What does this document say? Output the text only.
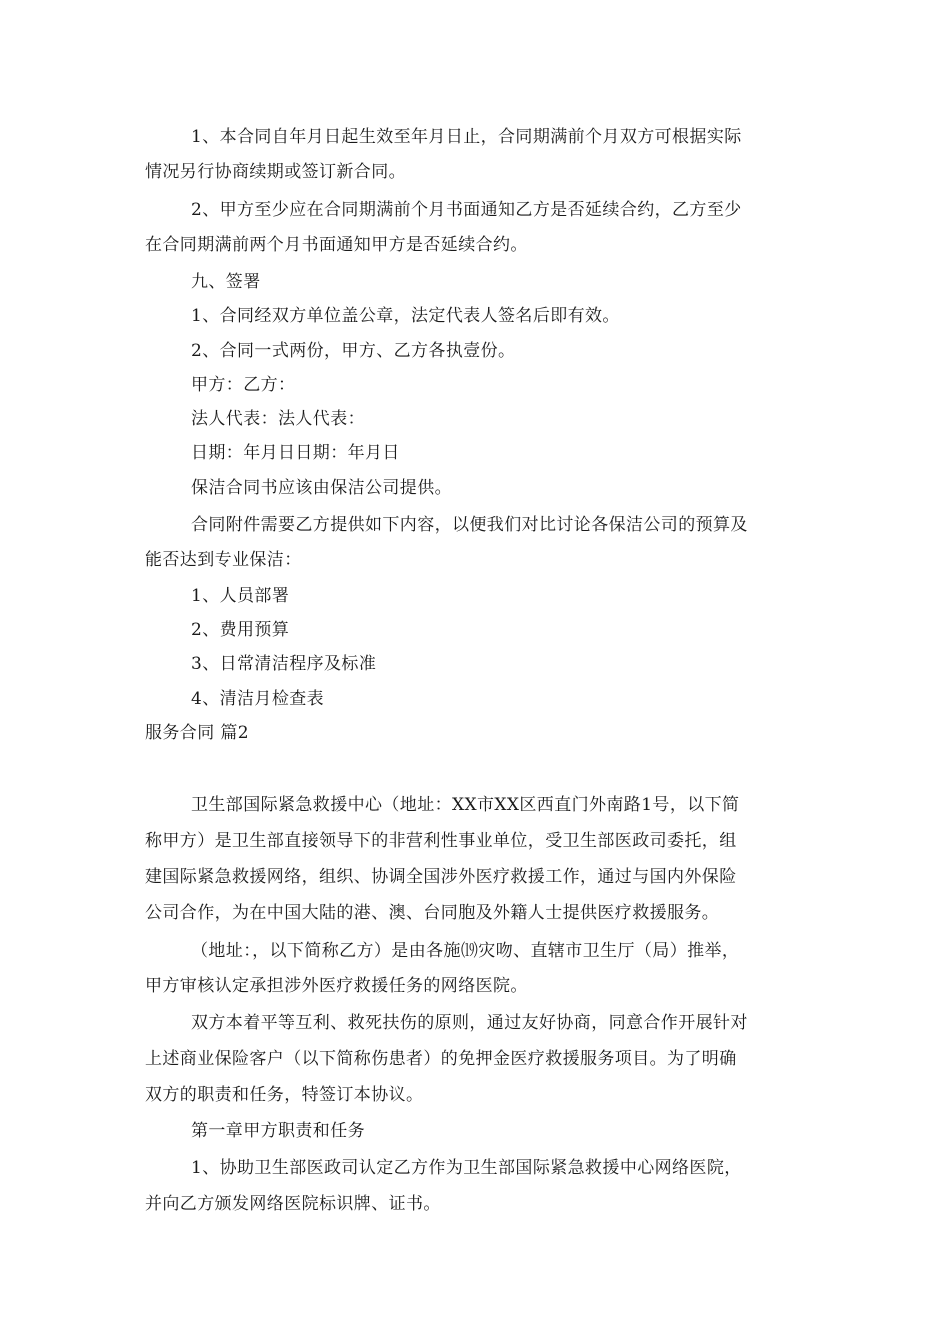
1、本合同自年月日起生效至年月日止，合同期满前个月双方可根据实际
情况另行协商续期或签订新合同。
2、甲方至少应在合同期满前个月书面通知乙方是否延续合约，乙方至少
在合同期满前两个月书面通知甲方是否延续合约。
九、签署
1、合同经双方单位盖公章，法定代表人签名后即有效。
2、合同一式两份，甲方、乙方各执壹份。
甲方：乙方：
法人代表：法人代表：
日期：年月日日期：年月日
保洁合同书应该由保洁公司提供。
合同附件需要乙方提供如下内容，以便我们对比讨论各保洁公司的预算及
能否达到专业保洁：
1、人员部署
2、费用预算
3、日常清洁程序及标准
4、清洁月检查表
服务合同 篇2
卫生部国际紧急救援中心（地址：XX市XX区西直门外南路1号，以下简
称甲方）是卫生部直接领导下的非营利性事业单位，受卫生部医政司委托，组
建国际紧急救援网络，组织、协调全国涉外医疗救援工作，通过与国内外保险
公司合作，为在中国大陆的港、澳、台同胞及外籍人士提供医疗救援服务。
（地址：，以下简称乙方）是由各施⒆灾吻、直辖市卫生厅（局）推举，
甲方审核认定承担涉外医疗救援任务的网络医院。
双方本着平等互利、救死扶伤的原则，通过友好协商，同意合作开展针对
上述商业保险客户（以下简称伤患者）的免押金医疗救援服务项目。为了明确
双方的职责和任务，特签订本协议。
第一章甲方职责和任务
1、协助卫生部医政司认定乙方作为卫生部国际紧急救援中心网络医院，
并向乙方颁发网络医院标识牌、证书。
